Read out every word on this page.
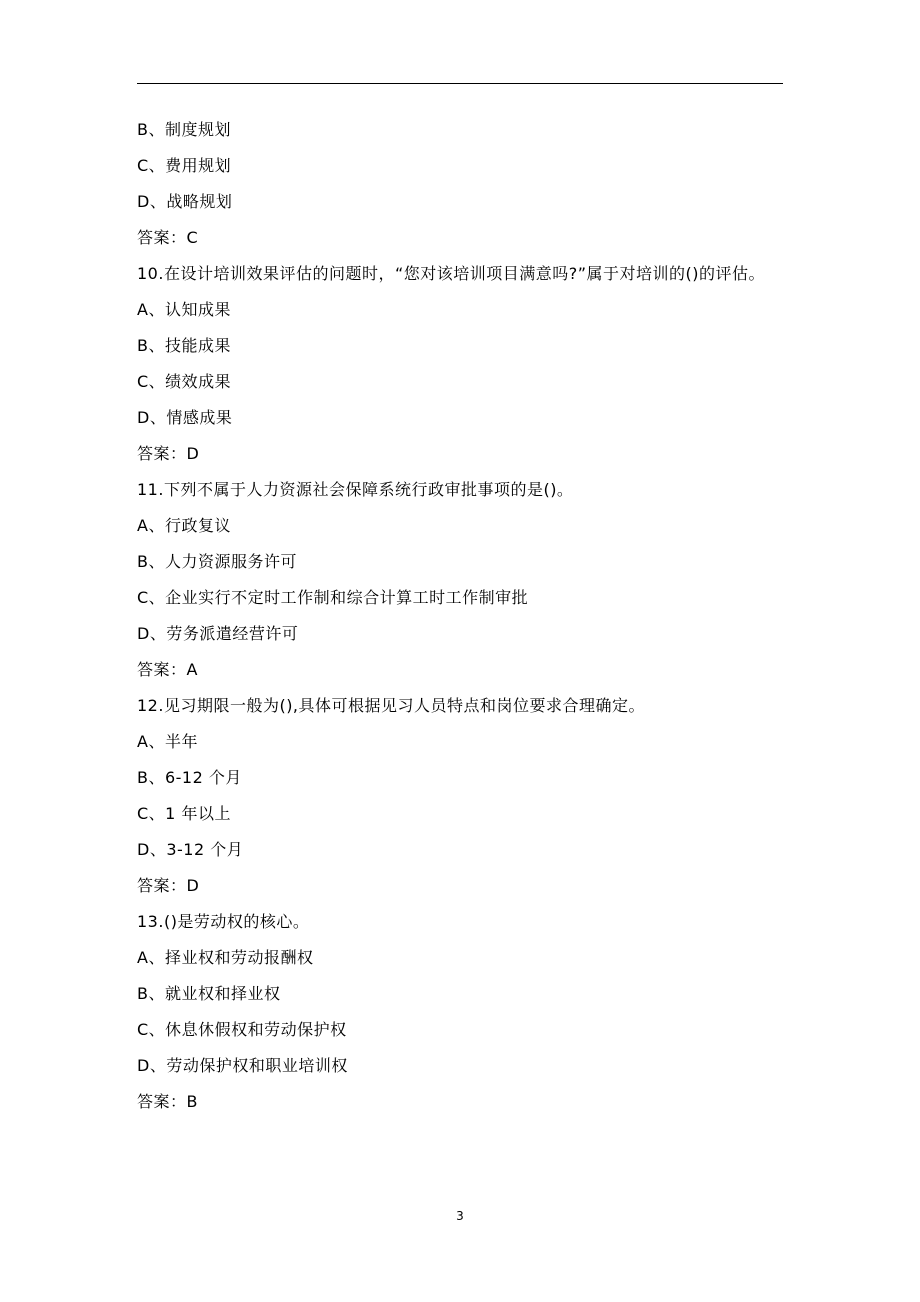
B、制度规划
C、费用规划
D、战略规划
答案：C
10.在设计培训效果评估的问题时，“您对该培训项目满意吗?”属于对培训的()的评估。
A、认知成果
B、技能成果
C、绩效成果
D、情感成果
答案：D
11.下列不属于人力资源社会保障系统行政审批事项的是()。
A、行政复议
B、人力资源服务许可
C、企业实行不定时工作制和综合计算工时工作制审批
D、劳务派遣经营许可
答案：A
12.见习期限一般为(),具体可根据见习人员特点和岗位要求合理确定。
A、半年
B、6-12 个月
C、1 年以上
D、3-12 个月
答案：D
13.()是劳动权的核心。
A、择业权和劳动报酬权
B、就业权和择业权
C、休息休假权和劳动保护权
D、劳动保护权和职业培训权
答案：B
3
